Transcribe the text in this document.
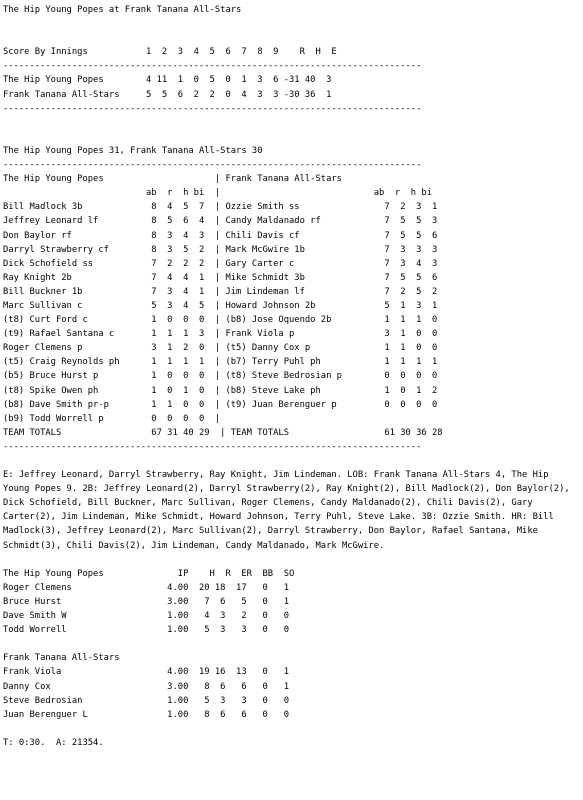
The Hip Young Popes at Frank Tanana All-Stars
Score By Innings           1  2  3  4  5  6  7  8  9    R  H  E
-------------------------------------------------------------------------------
The Hip Young Popes        4 11  1  0  5  0  1  3  6 -31 40  3
Frank Tanana All-Stars     5  5  6  2  2  0  4  3  3 -30 36  1
-------------------------------------------------------------------------------
The Hip Young Popes 31, Frank Tanana All-Stars 30
-------------------------------------------------------------------------------
The Hip Young Popes                     | Frank Tanana All-Stars
ab  r  h bi  |                             ab  r  h bi
Bill Madlock 3b             8  4  5  7  | Ozzie Smith ss                7  2  3  1
Jeffrey Leonard lf          8  5  6  4  | Candy Maldanado rf            7  5  5  3
Don Baylor rf               8  3  4  3  | Chili Davis cf                7  5  5  6
Darryl Strawberry cf        8  3  5  2  | Mark McGwire 1b               7  3  3  3
Dick Schofield ss           7  2  2  2  | Gary Carter c                 7  3  4  3
Ray Knight 2b               7  4  4  1  | Mike Schmidt 3b               7  5  5  6
Bill Buckner 1b             7  3  4  1  | Jim Lindeman lf               7  2  5  2
Marc Sullivan c             5  3  4  5  | Howard Johnson 2b             5  1  3  1
(t8) Curt Ford c            1  0  0  0  | (b8) Jose Oquendo 2b          1  1  1  0
(t9) Rafael Santana c       1  1  1  3  | Frank Viola p                 3  1  0  0
Roger Clemens p             3  1  2  0  | (t5) Danny Cox p              1  1  0  0
(t5) Craig Reynolds ph      1  1  1  1  | (b7) Terry Puhl ph            1  1  1  1
(b5) Bruce Hurst p          1  0  0  0  | (t8) Steve Bedrosian p        0  0  0  0
(t8) Spike Owen ph          1  0  1  0  | (b8) Steve Lake ph            1  0  1  2
(b8) Dave Smith pr-p        1  1  0  0  | (t9) Juan Berenguer p         0  0  0  0
(b9) Todd Worrell p         0  0  0  0  |
TEAM TOTALS                 67 31 40 29  | TEAM TOTALS                  61 30 36 28
-------------------------------------------------------------------------------
E: Jeffrey Leonard, Darryl Strawberry, Ray Knight, Jim Lindeman. LOB: Frank Tanana All-Stars 4, The Hip Young Popes 9. 2B: Jeffrey Leonard(2), Darryl Strawberry(2), Ray Knight(2), Bill Madlock(2), Don Baylor(2), Dick Schofield, Bill Buckner, Marc Sullivan, Roger Clemens, Candy Maldanado(2), Chili Davis(2), Gary Carter(2), Jim Lindeman, Mike Schmidt, Howard Johnson, Terry Puhl, Steve Lake. 3B: Ozzie Smith. HR: Bill Madlock(3), Jeffrey Leonard(2), Marc Sullivan(2), Darryl Strawberry, Don Baylor, Rafael Santana, Mike Schmidt(3), Chili Davis(2), Jim Lindeman, Candy Maldanado, Mark McGwire.
The Hip Young Popes              IP    H  R  ER  BB  SO
Roger Clemens                  4.00  20 18  17   0   1
Bruce Hurst                    3.00   7  6   5   0   1
Dave Smith W                   1.00   4  3   2   0   0
Todd Worrell                   1.00   5  3   3   0   0
Frank Tanana All-Stars
Frank Viola                    4.00  19 16  13   0   1
Danny Cox                      3.00   8  6   6   0   1
Steve Bedrosian                1.00   5  3   3   0   0
Juan Berenguer L               1.00   8  6   6   0   0
T: 0:30.  A: 21354.
